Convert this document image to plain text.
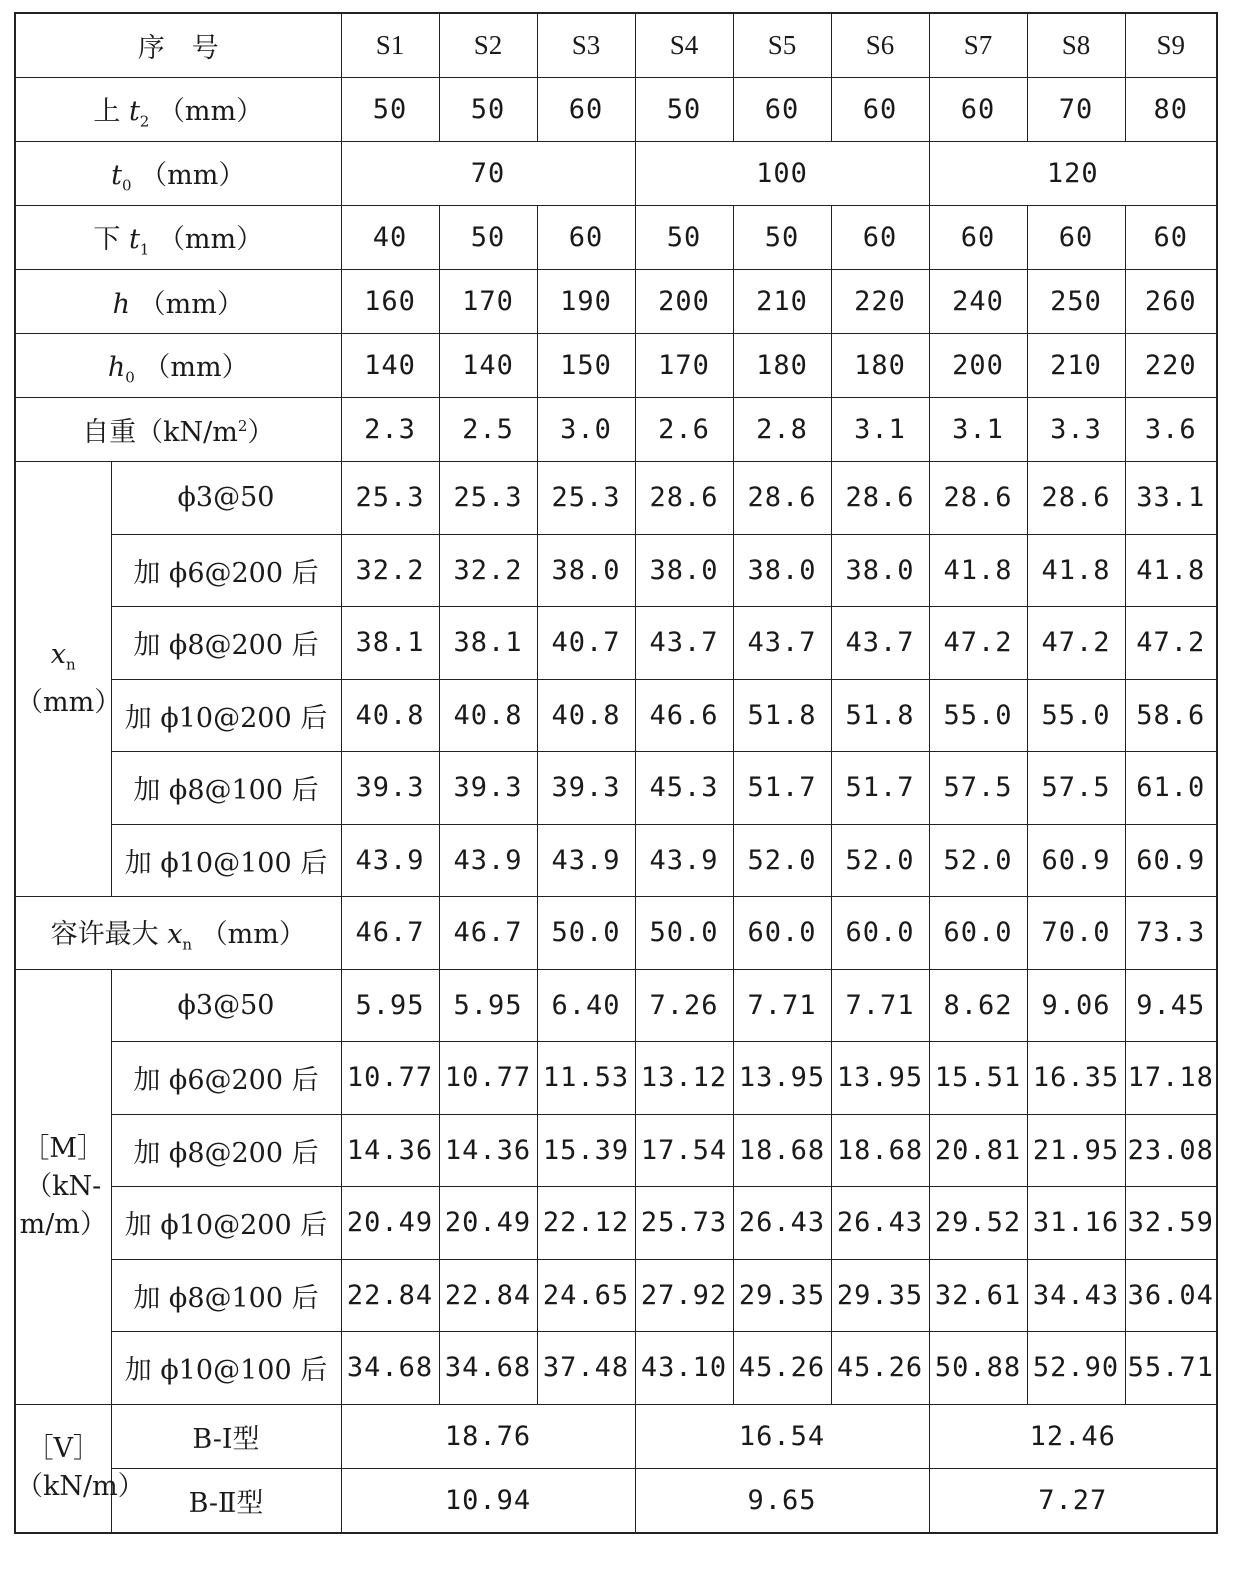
序　号		S1	S2	S3	S4	S5	S6	S7	S8	S9
上 $t_2$ （mm）		50	50	60	50	60	60	60	70	80
$t_0$ （mm）		70			100			120		
下 $t_1$ （mm）		40	50	60	50	50	60	60	60	60
h （mm）		160	170	190	200	210	220	240	250	260
$h_0$ （mm）		140	140	150	170	180	180	200	210	220
自重$(kN/m^2)$		2.3	2.5	3.0	2.6	2.8	3.1	3.1	3.3	3.6
$x_n$
（mm）	ϕ3@50	25.3	25.3	25.3	28.6	28.6	28.6	28.6	28.6	33.1
	加 ϕ6@200 后	32.2	32.2	38.0	38.0	38.0	38.0	41.8	41.8	41.8
	加 ϕ8@200 后	38.1	38.1	40.7	43.7	43.7	43.7	47.2	47.2	47.2
	加 ϕ10@200 后	40.8	40.8	40.8	46.6	51.8	51.8	55.0	55.0	58.6
	加 ϕ8@100 后	39.3	39.3	39.3	45.3	51.7	51.7	57.5	57.5	61.0
	加 ϕ10@100 后	43.9	43.9	43.9	43.9	52.0	52.0	52.0	60.9	60.9
容许最大 $x_n$ （mm）		46.7	46.7	50.0	50.0	60.0	60.0	60.0	70.0	73.3
［M］
（kN-
m/m）	ϕ3@50	5.95	5.95	6.40	7.26	7.71	7.71	8.62	9.06	9.45
	加 ϕ6@200 后	10.77	10.77	11.53	13.12	13.95	13.95	15.51	16.35	17.18
	加 ϕ8@200 后	14.36	14.36	15.39	17.54	18.68	18.68	20.81	21.95	23.08
	加 ϕ10@200 后	20.49	20.49	22.12	25.73	26.43	26.43	29.52	31.16	32.59
	加 ϕ8@100 后	22.84	22.84	24.65	27.92	29.35	29.35	32.61	34.43	36.04
	加 ϕ10@100 后	34.68	34.68	37.48	43.10	45.26	45.26	50.88	52.90	55.71
［V］
（kN/m）	B-Ⅰ型	18.76			16.54			12.46		
	B-Ⅱ型	10.94			9.65			7.27		
